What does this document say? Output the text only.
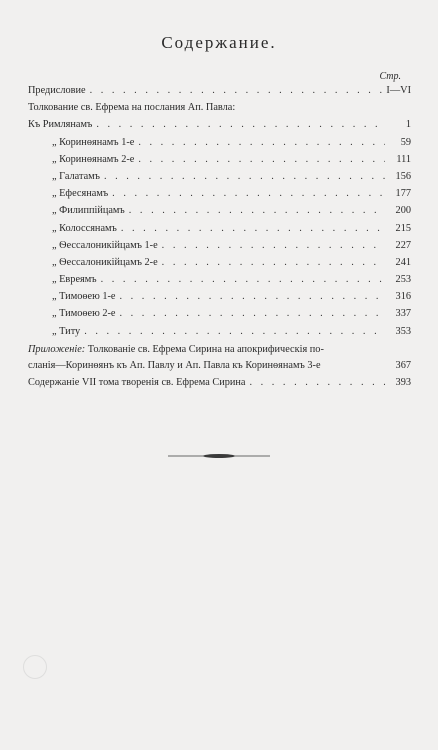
Содержание.
Стр.
Предисловие . . .	I—VI
Толкование св. Ефрема на послания Ап. Павла:
Къ Римлянамъ . . .	1
„ Коринѳянамъ 1-е . . .	59
„ Коринѳянамъ 2-е . . .	111
„ Галатамъ . . .	156
„ Ефесянамъ . . .	177
„ Филиппійцамъ . . .	200
„ Колоссянамъ . . .	215
„ Ѳессалоникійцамъ 1-е . . .	227
„ Ѳессалоникійцамъ 2-е . . .	241
„ Евреямъ . . .	253
„ Тимоѳею 1-е . . .	316
„ Тимоѳею 2-е . . .	337
„ Титу . . .	353
Приложеніе: Толкованіе св. Ефрема Сирина на апокрифическія по-
сланія—Коринѳянъ къ Ап. Павлу и Ап. Павла къ Коринѳянамъ 3-е	367
Содержаніе VII тома творенія св. Ефрема Сирина . . .	393
